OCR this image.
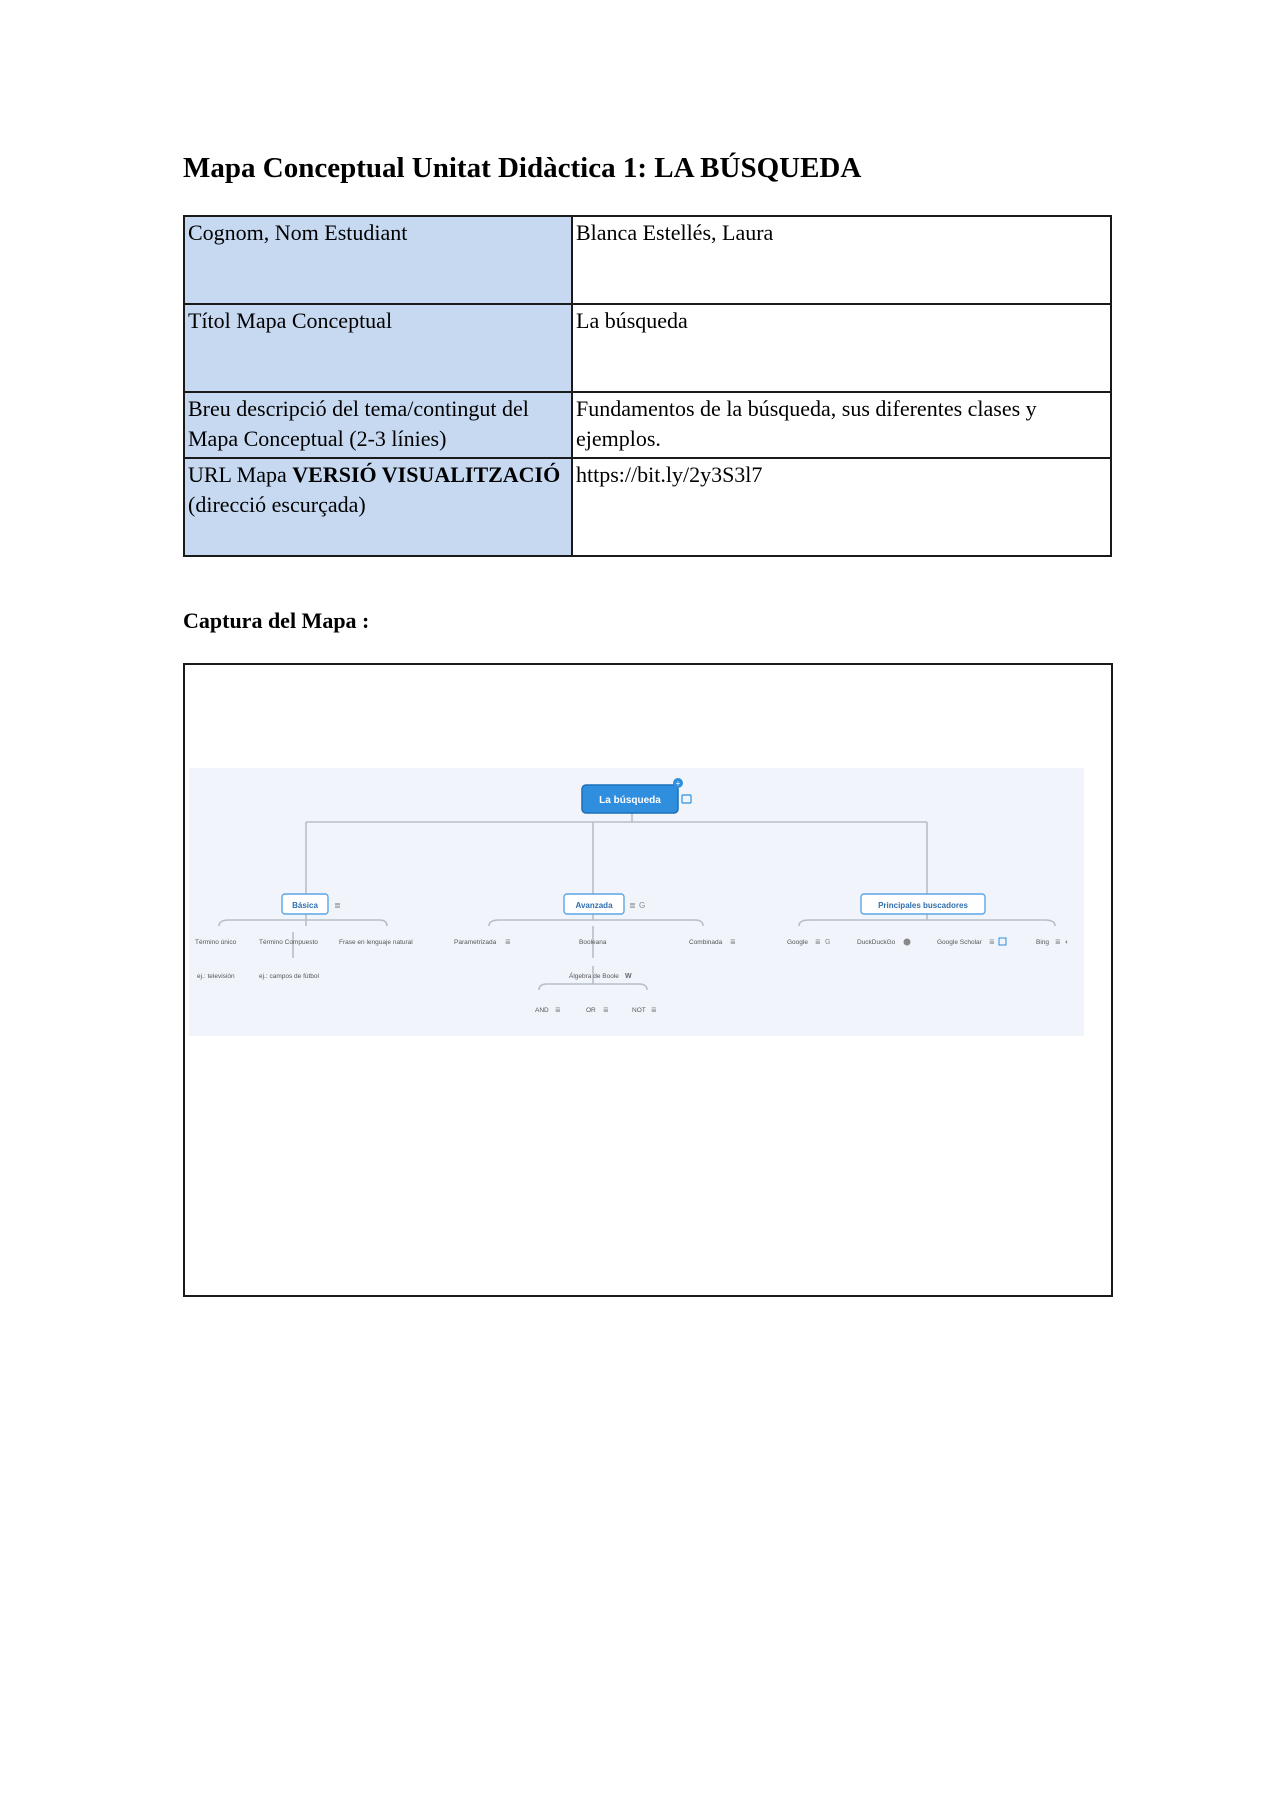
Mapa Conceptual Unitat Didàctica 1: LA BÚSQUEDA
Cognom, Nom Estudiant	Blanca Estellés, Laura
Títol Mapa Conceptual	La búsqueda
Breu descripció del tema/contingut del Mapa Conceptual (2-3 línies)	Fundamentos de la búsqueda, sus diferentes clases y ejemplos.
URL Mapa VERSIÓ VISUALITZACIÓ (direcció escurçada)	https://bit.ly/2y3S3l7
Captura del Mapa :
La búsqueda
+
Básica ≣	Avanzada ≣ G	Principales buscadores
Término único	Término Compuesto	Frase en lenguaje natural
ej.: televisión	ej.: campos de fútbol
Parametrizada ≣	Booleana	Combinada ≣
Álgebra de Boole W
AND ≣	OR ≣	NOT ≣
Google ≣ G	DuckDuckGo	Google Scholar ≣	Bing ≣ ◐
